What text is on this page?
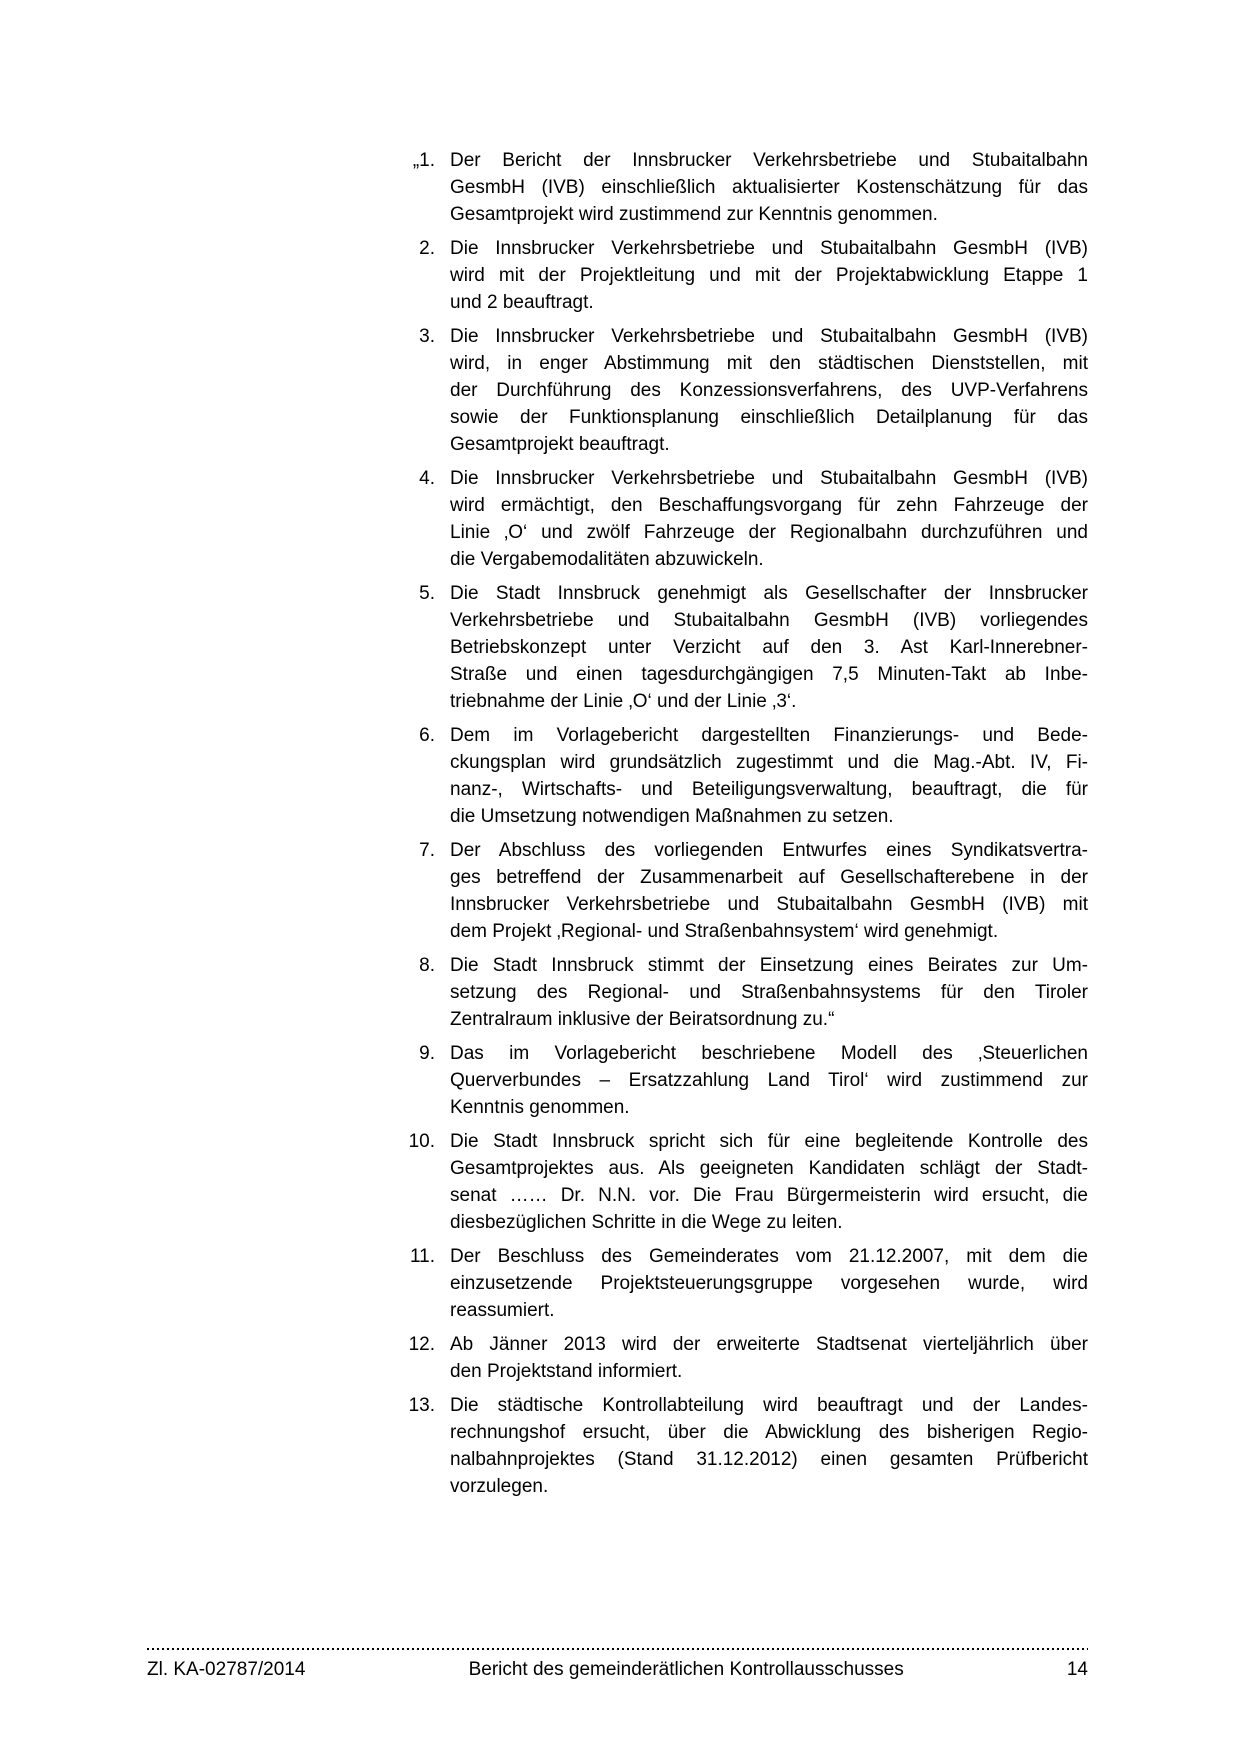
„1. Der Bericht der Innsbrucker Verkehrsbetriebe und Stubaitalbahn
GesmbH (IVB) einschließlich aktualisierter Kostenschätzung für das
Gesamtprojekt wird zustimmend zur Kenntnis genommen.
2. Die Innsbrucker Verkehrsbetriebe und Stubaitalbahn GesmbH (IVB)
wird mit der Projektleitung und mit der Projektabwicklung Etappe 1
und 2 beauftragt.
3. Die Innsbrucker Verkehrsbetriebe und Stubaitalbahn GesmbH (IVB)
wird, in enger Abstimmung mit den städtischen Dienststellen, mit
der Durchführung des Konzessionsverfahrens, des UVP-Verfahrens
sowie der Funktionsplanung einschließlich Detailplanung für das
Gesamtprojekt beauftragt.
4. Die Innsbrucker Verkehrsbetriebe und Stubaitalbahn GesmbH (IVB)
wird ermächtigt, den Beschaffungsvorgang für zehn Fahrzeuge der
Linie ‚O‘ und zwölf Fahrzeuge der Regionalbahn durchzuführen und
die Vergabemodalitäten abzuwickeln.
5. Die Stadt Innsbruck genehmigt als Gesellschafter der Innsbrucker
Verkehrsbetriebe und Stubaitalbahn GesmbH (IVB) vorliegendes
Betriebskonzept unter Verzicht auf den 3. Ast Karl-Innerebner-
Straße und einen tagesdurchgängigen 7,5 Minuten-Takt ab Inbe-
triebnahme der Linie ‚O‘ und der Linie ‚3‘.
6. Dem im Vorlagebericht dargestellten Finanzierungs- und Bede-
ckungsplan wird grundsätzlich zugestimmt und die Mag.-Abt. IV, Fi-
nanz-, Wirtschafts- und Beteiligungsverwaltung, beauftragt, die für
die Umsetzung notwendigen Maßnahmen zu setzen.
7. Der Abschluss des vorliegenden Entwurfes eines Syndikatsvertra-
ges betreffend der Zusammenarbeit auf Gesellschafterebene in der
Innsbrucker Verkehrsbetriebe und Stubaitalbahn GesmbH (IVB) mit
dem Projekt ‚Regional- und Straßenbahnsystem‘ wird genehmigt.
8. Die Stadt Innsbruck stimmt der Einsetzung eines Beirates zur Um-
setzung des Regional- und Straßenbahnsystems für den Tiroler
Zentralraum inklusive der Beiratsordnung zu.“
9. Das im Vorlagebericht beschriebene Modell des ‚Steuerlichen
Querverbundes – Ersatzzahlung Land Tirol‘ wird zustimmend zur
Kenntnis genommen.
10. Die Stadt Innsbruck spricht sich für eine begleitende Kontrolle des
Gesamtprojektes aus. Als geeigneten Kandidaten schlägt der Stadt-
senat …… Dr. N.N. vor. Die Frau Bürgermeisterin wird ersucht, die
diesbezüglichen Schritte in die Wege zu leiten.
11. Der Beschluss des Gemeinderates vom 21.12.2007, mit dem die
einzusetzende Projektsteuerungsgruppe vorgesehen wurde, wird
reassumiert.
12. Ab Jänner 2013 wird der erweiterte Stadtsenat vierteljährlich über
den Projektstand informiert.
13. Die städtische Kontrollabteilung wird beauftragt und der Landes-
rechnungshof ersucht, über die Abwicklung des bisherigen Regio-
nalbahnprojektes (Stand 31.12.2012) einen gesamten Prüfbericht
vorzulegen.
Zl. KA-02787/2014	Bericht des gemeinderätlichen Kontrollausschusses	14
